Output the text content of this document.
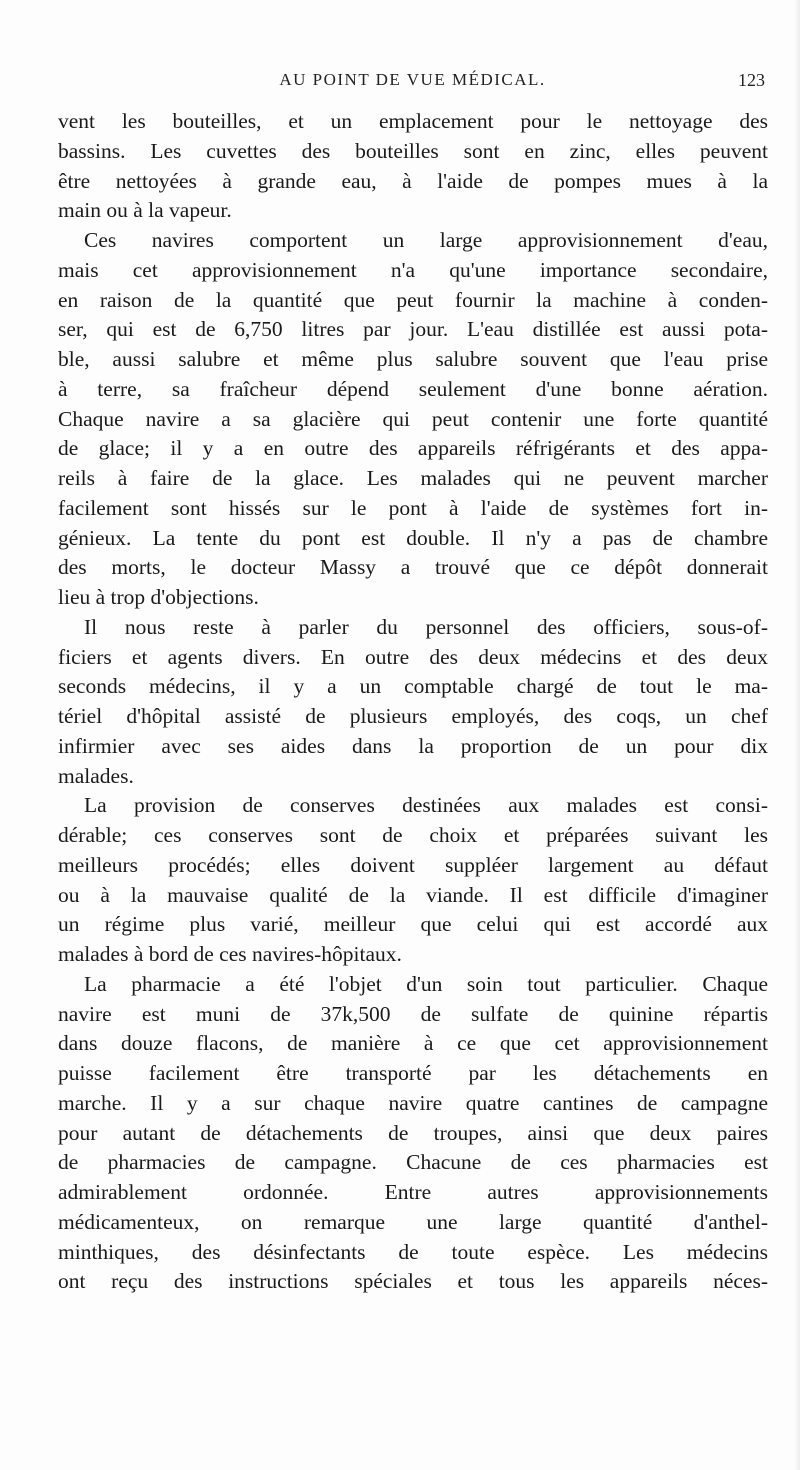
AU POINT DE VUE MÉDICAL.	123
vent les bouteilles, et un emplacement pour le nettoyage des
bassins. Les cuvettes des bouteilles sont en zinc, elles peuvent
être nettoyées à grande eau, à l'aide de pompes mues à la
main ou à la vapeur.
Ces navires comportent un large approvisionnement d'eau,
mais cet approvisionnement n'a qu'une importance secondaire,
en raison de la quantité que peut fournir la machine à conden-
ser, qui est de 6,750 litres par jour. L'eau distillée est aussi pota-
ble, aussi salubre et même plus salubre souvent que l'eau prise
à terre, sa fraîcheur dépend seulement d'une bonne aération.
Chaque navire a sa glacière qui peut contenir une forte quantité
de glace; il y a en outre des appareils réfrigérants et des appa-
reils à faire de la glace. Les malades qui ne peuvent marcher
facilement sont hissés sur le pont à l'aide de systèmes fort in-
génieux. La tente du pont est double. Il n'y a pas de chambre
des morts, le docteur Massy a trouvé que ce dépôt donnerait
lieu à trop d'objections.
Il nous reste à parler du personnel des officiers, sous-of-
ficiers et agents divers. En outre des deux médecins et des deux
seconds médecins, il y a un comptable chargé de tout le ma-
tériel d'hôpital assisté de plusieurs employés, des coqs, un chef
infirmier avec ses aides dans la proportion de un pour dix
malades.
La provision de conserves destinées aux malades est consi-
dérable; ces conserves sont de choix et préparées suivant les
meilleurs procédés; elles doivent suppléer largement au défaut
ou à la mauvaise qualité de la viande. Il est difficile d'imaginer
un régime plus varié, meilleur que celui qui est accordé aux
malades à bord de ces navires-hôpitaux.
La pharmacie a été l'objet d'un soin tout particulier. Chaque
navire est muni de 37k,500 de sulfate de quinine répartis
dans douze flacons, de manière à ce que cet approvisionnement
puisse facilement être transporté par les détachements en
marche. Il y a sur chaque navire quatre cantines de campagne
pour autant de détachements de troupes, ainsi que deux paires
de pharmacies de campagne. Chacune de ces pharmacies est
admirablement ordonnée. Entre autres approvisionnements
médicamenteux, on remarque une large quantité d'anthel-
minthiques, des désinfectants de toute espèce. Les médecins
ont reçu des instructions spéciales et tous les appareils néces-
